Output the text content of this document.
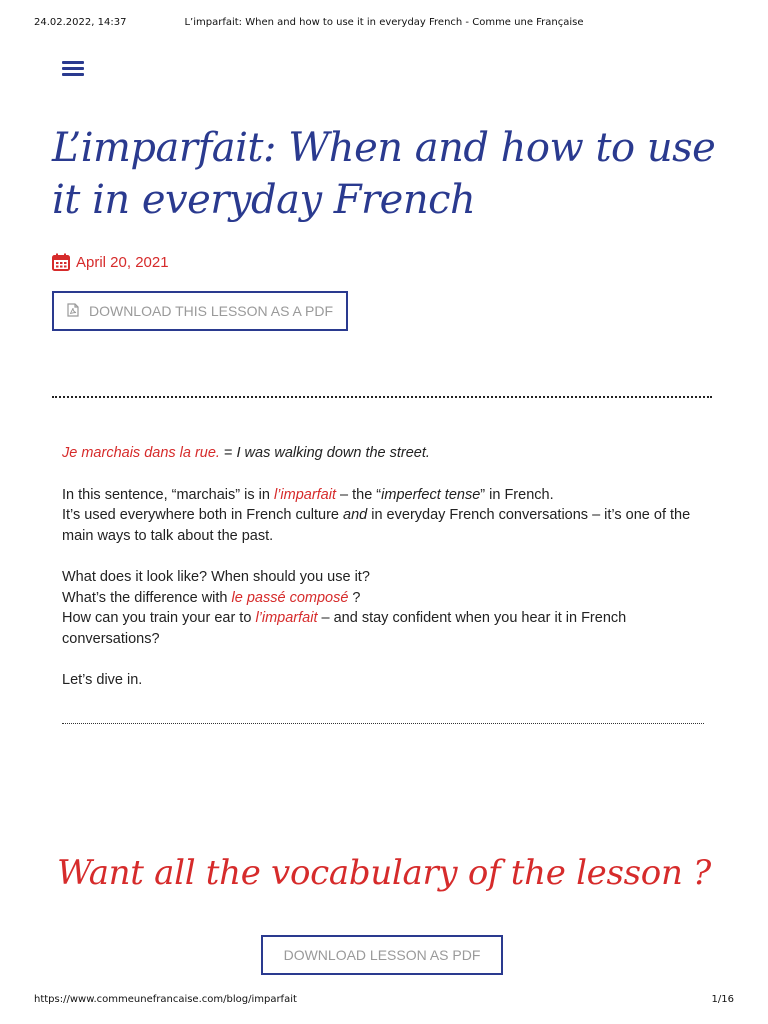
24.02.2022, 14:37	L’imparfait: When and how to use it in everyday French - Comme une Française
L’imparfait: When and how to use it in everyday French
April 20, 2021
DOWNLOAD THIS LESSON AS A PDF

Je marchais dans la rue. = I was walking down the street.

In this sentence, “marchais” is in l’imparfait – the “imperfect tense” in French.

It’s used everywhere both in French culture and in everyday French conversations – it’s one of the main ways to talk about the past.

What does it look like? When should you use it?

What’s the difference with le passé composé ?

How can you train your ear to l’imparfait – and stay confident when you hear it in French conversations?

Let’s dive in.

Want all the vocabulary of the lesson ?
DOWNLOAD LESSON AS PDF
https://www.commeunefrancaise.com/blog/imparfait	1/16
